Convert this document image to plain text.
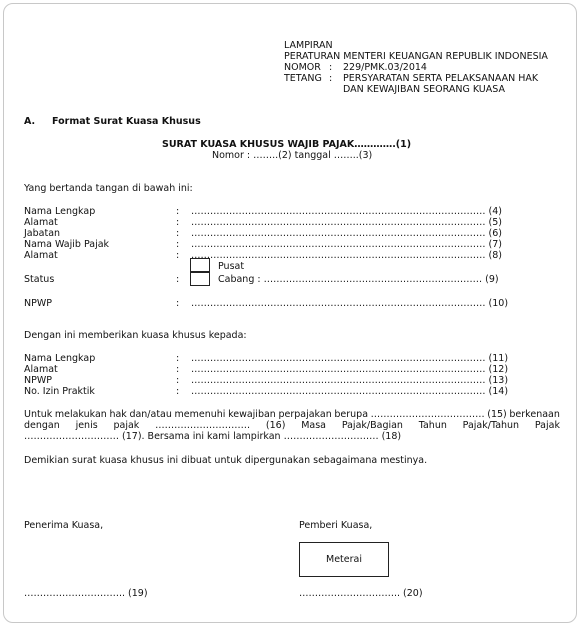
LAMPIRAN
PERATURAN MENTERI KEUANGAN REPUBLIK INDONESIA
NOMOR : 229/PMK.03/2014
TETANG : PERSYARATAN SERTA PELAKSANAAN HAK
DAN KEWAJIBAN SEORANG KUASA
A. Format Surat Kuasa Khusus
SURAT KUASA KHUSUS WAJIB PAJAK………….(1)
Nomor : ……..(2) tanggal ……..(3)
Yang bertanda tangan di bawah ini:
Nama Lengkap	: ………………………………………………………………………………… (4)
Alamat	: ………………………………………………………………………………… (5)
Jabatan	: ………………………………………………………………………………… (6)
Nama Wajib Pajak	: ………………………………………………………………………………… (7)
Alamat	: ………………………………………………………………………………… (8)
Pusat
Status	:	Cabang : …………………………………………………………… (9)
NPWP	: ………………………………………………………………………………… (10)
Dengan ini memberikan kuasa khusus kepada:
Nama Lengkap	: ………………………………………………………………………………… (11)
Alamat	: ………………………………………………………………………………… (12)
NPWP	: ………………………………………………………………………………… (13)
No. Izin Praktik	: ………………………………………………………………………………… (14)
Untuk melakukan hak dan/atau memenuhi kewajiban perpajakan berupa ……………………………… (15) berkenaan
dengan jenis pajak ………………………… (16) Masa Pajak/Bagian Tahun Pajak/Tahun Pajak
………………………… (17). Bersama ini kami lampirkan ………………………… (18)
Demikian surat kuasa khusus ini dibuat untuk dipergunakan sebagaimana mestinya.
Penerima Kuasa,	Pemberi Kuasa,
Meterai
………………………….. (19)	………………………….. (20)
